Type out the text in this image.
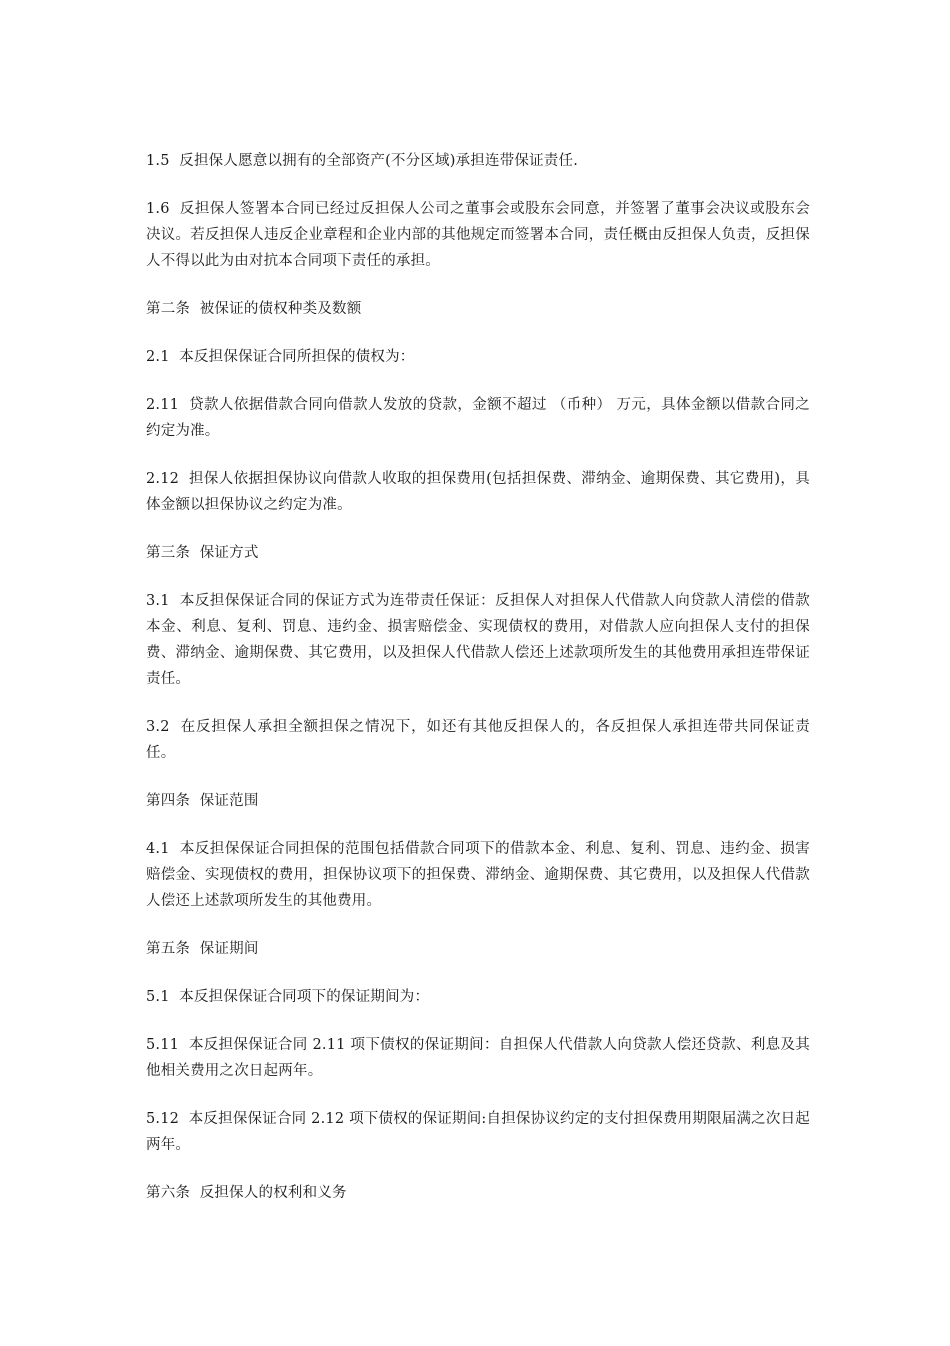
1.5  反担保人愿意以拥有的全部资产(不分区域)承担连带保证责任.

1.6  反担保人签署本合同已经过反担保人公司之董事会或股东会同意，并签署了董事会决议或股东会决议。若反担保人违反企业章程和企业内部的其他规定而签署本合同，责任概由反担保人负责，反担保人不得以此为由对抗本合同项下责任的承担。

第二条  被保证的债权种类及数额

2.1  本反担保保证合同所担保的债权为：

2.11  贷款人依据借款合同向借款人发放的贷款，金额不超过 （币种） 万元，具体金额以借款合同之约定为准。

2.12  担保人依据担保协议向借款人收取的担保费用(包括担保费、滞纳金、逾期保费、其它费用)，具体金额以担保协议之约定为准。

第三条  保证方式

3.1  本反担保保证合同的保证方式为连带责任保证：反担保人对担保人代借款人向贷款人清偿的借款本金、利息、复利、罚息、违约金、损害赔偿金、实现债权的费用，对借款人应向担保人支付的担保费、滞纳金、逾期保费、其它费用，以及担保人代借款人偿还上述款项所发生的其他费用承担连带保证责任。

3.2  在反担保人承担全额担保之情况下，如还有其他反担保人的，各反担保人承担连带共同保证责任。

第四条  保证范围

4.1  本反担保保证合同担保的范围包括借款合同项下的借款本金、利息、复利、罚息、违约金、损害赔偿金、实现债权的费用，担保协议项下的担保费、滞纳金、逾期保费、其它费用，以及担保人代借款人偿还上述款项所发生的其他费用。

第五条  保证期间

5.1  本反担保保证合同项下的保证期间为：

5.11  本反担保保证合同 2.11 项下债权的保证期间：自担保人代借款人向贷款人偿还贷款、利息及其他相关费用之次日起两年。

5.12  本反担保保证合同 2.12 项下债权的保证期间:自担保协议约定的支付担保费用期限届满之次日起两年。

第六条  反担保人的权利和义务
